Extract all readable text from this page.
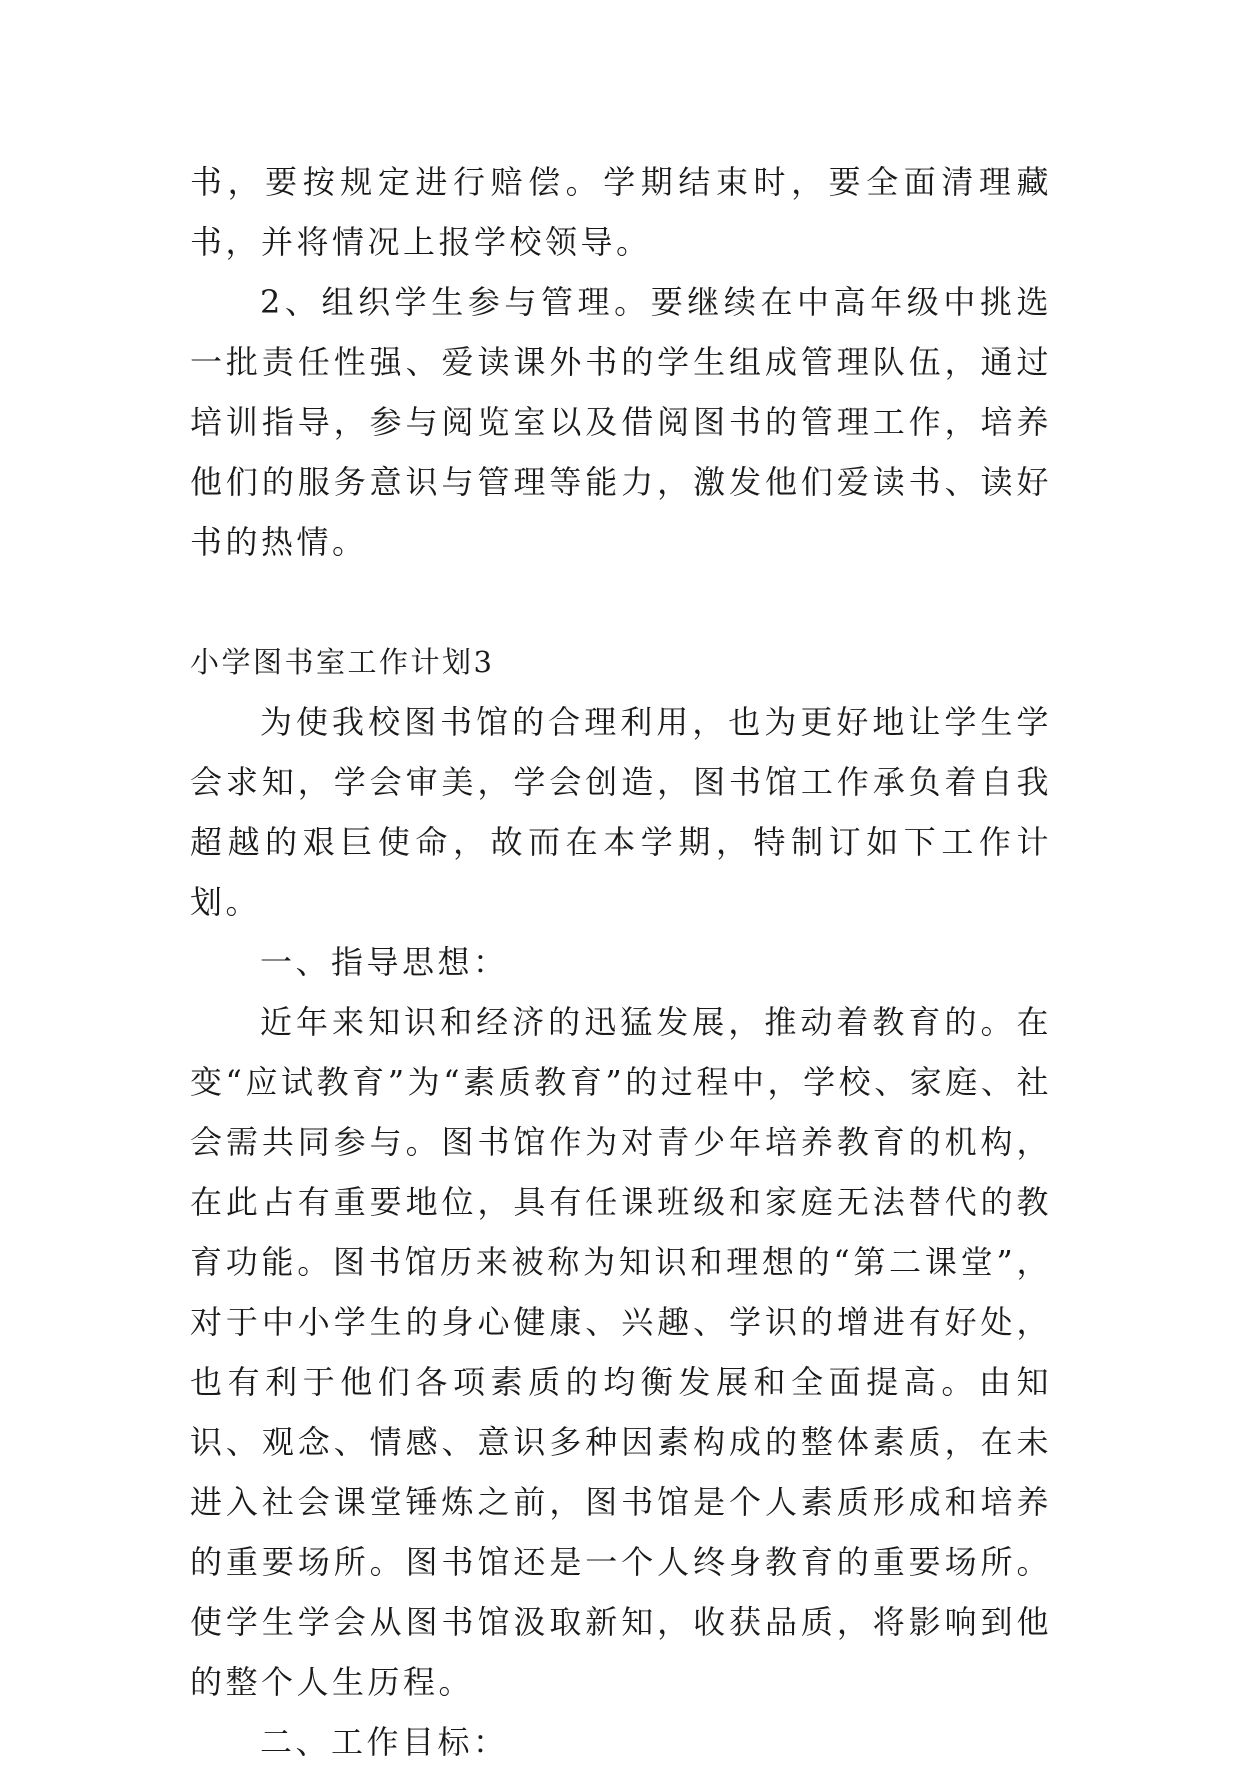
书，要按规定进行赔偿。学期结束时，要全面清理藏书，并将情况上报学校领导。

2、组织学生参与管理。要继续在中高年级中挑选一批责任性强、爱读课外书的学生组成管理队伍，通过培训指导，参与阅览室以及借阅图书的管理工作，培养他们的服务意识与管理等能力，激发他们爱读书、读好书的热情。

小学图书室工作计划3

为使我校图书馆的合理利用，也为更好地让学生学会求知，学会审美，学会创造，图书馆工作承负着自我超越的艰巨使命，故而在本学期，特制订如下工作计划。

一、指导思想：

近年来知识和经济的迅猛发展，推动着教育的。在变“应试教育”为“素质教育”的过程中，学校、家庭、社会需共同参与。图书馆作为对青少年培养教育的机构，在此占有重要地位，具有任课班级和家庭无法替代的教育功能。图书馆历来被称为知识和理想的“第二课堂”，对于中小学生的身心健康、兴趣、学识的增进有好处，也有利于他们各项素质的均衡发展和全面提高。由知识、观念、情感、意识多种因素构成的整体素质，在未进入社会课堂锤炼之前，图书馆是个人素质形成和培养的重要场所。图书馆还是一个人终身教育的重要场所。使学生学会从图书馆汲取新知，收获品质，将影响到他的整个人生历程。

二、工作目标：
